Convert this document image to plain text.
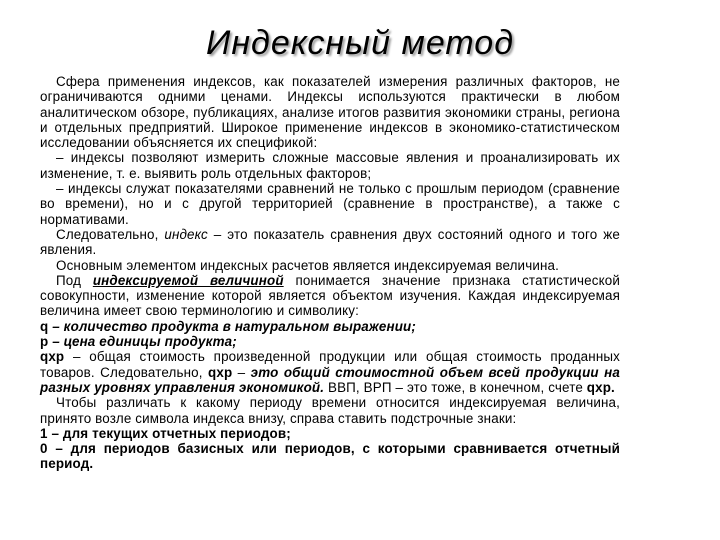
Индексный метод

Сфера применения индексов, как показателей измерения различных факторов, не ограничиваются одними ценами. Индексы используются практически в любом аналитическом обзоре, публикациях, анализе итогов развития экономики страны, региона и отдельных предприятий. Широкое применение индексов в экономико-статистическом исследовании объясняется их спецификой:

– индексы позволяют измерить сложные массовые явления и проанализировать их изменение, т. е. выявить роль отдельных факторов;

– индексы служат показателями сравнений не только с прошлым периодом (сравнение во времени), но и с другой территорией (сравнение в пространстве), а также с нормативами.

Следовательно, индекс – это показатель сравнения двух состояний одного и того же явления.

Основным элементом индексных расчетов является индексируемая величина.

Под индексируемой величиной понимается значение признака статистической совокупности, изменение которой является объектом изучения. Каждая индексируемая величина имеет свою терминологию и символику:

q – количество продукта в натуральном выражении;

p – цена единицы продукта;

qxp – общая стоимость произведенной продукции или общая стоимость проданных товаров. Следовательно, qxp – это общий стоимостной объем всей продукции на разных уровнях управления экономикой. ВВП, ВРП – это тоже, в конечном, счете qxp.

Чтобы различать к какому периоду времени относится индексируемая величина, принято возле символа индекса внизу, справа ставить подстрочные знаки:

1 – для текущих отчетных периодов;

0 – для периодов базисных или периодов, с которыми сравнивается отчетный период.
